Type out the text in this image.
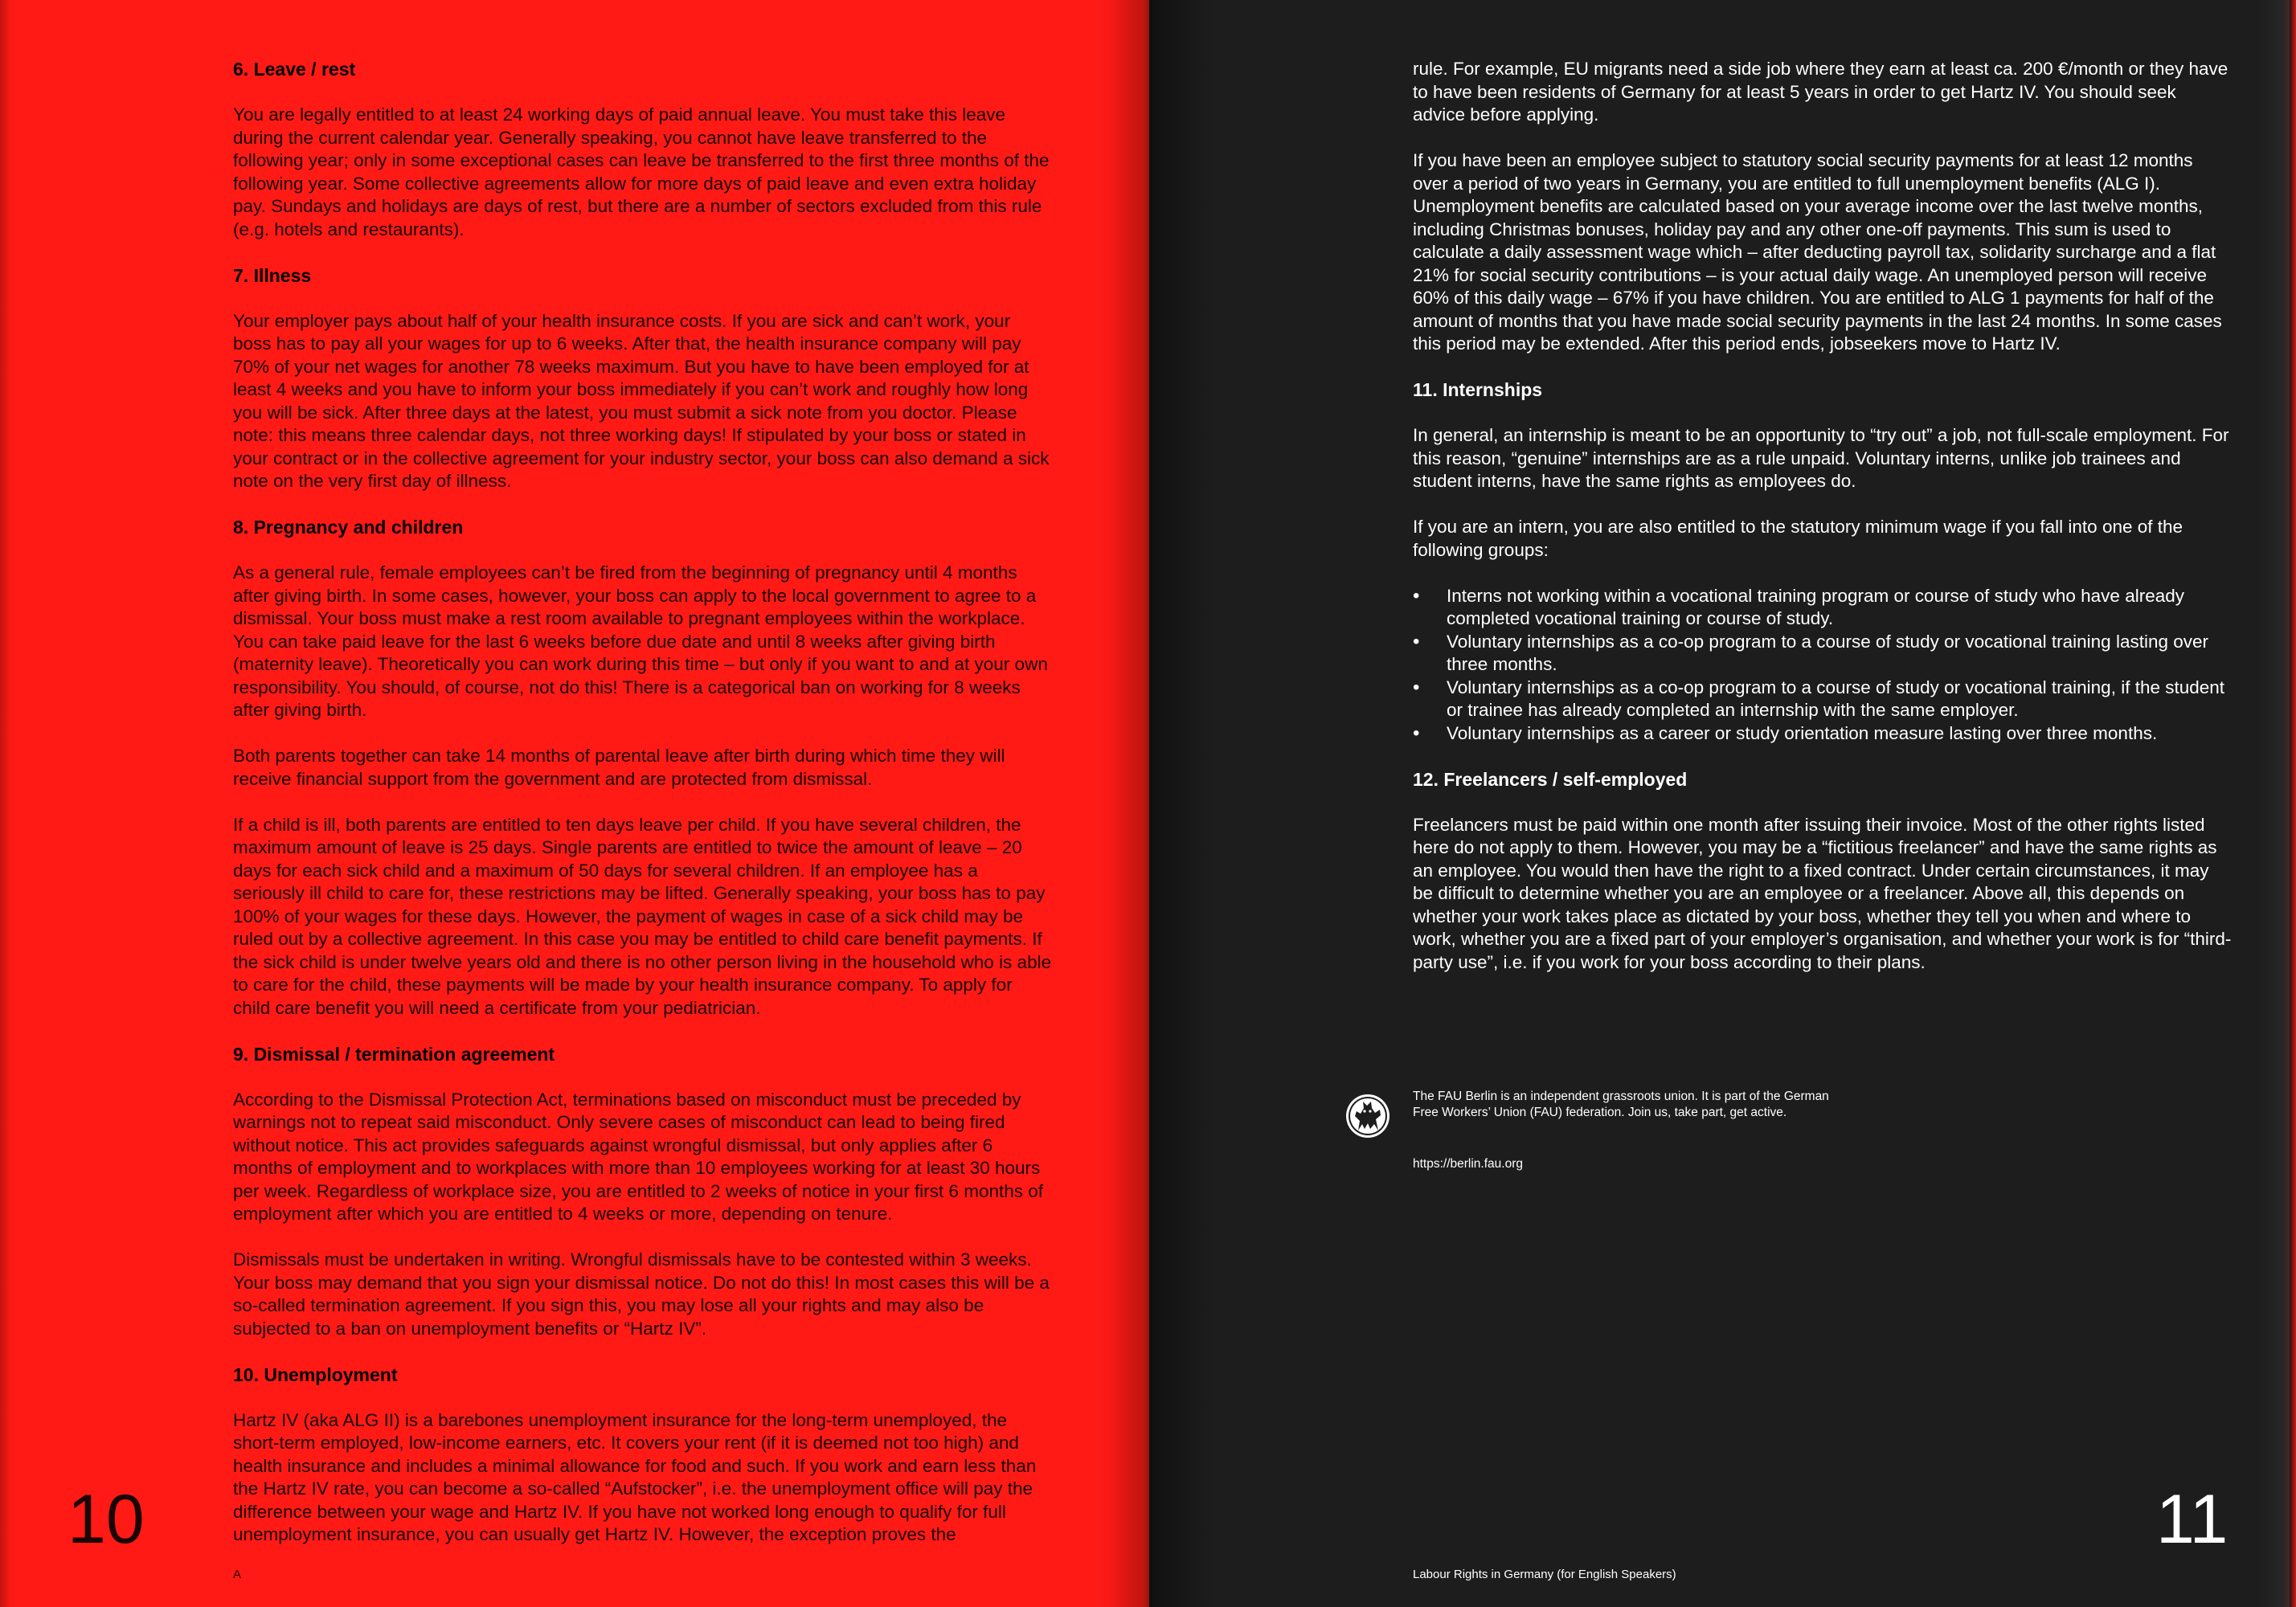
6. Leave / rest

You are legally entitled to at least 24 working days of paid annual leave. You must take this leave during the current calendar year. Generally speaking, you cannot have leave transferred to the following year; only in some exceptional cases can leave be transferred to the first three months of the following year. Some collective agreements allow for more days of paid leave and even extra holiday pay. Sundays and holidays are days of rest, but there are a number of sectors excluded from this rule (e.g. hotels and restaurants).

7. Illness

Your employer pays about half of your health insurance costs. If you are sick and can’t work, your boss has to pay all your wages for up to 6 weeks. After that, the health insurance company will pay 70% of your net wages for another 78 weeks maximum. But you have to have been employed for at least 4 weeks and you have to inform your boss immediately if you can’t work and roughly how long you will be sick. After three days at the latest, you must submit a sick note from you doctor. Please note: this means three calendar days, not three working days! If stipulated by your boss or stated in your contract or in the collective agreement for your industry sector, your boss can also demand a sick note on the very first day of illness.

8. Pregnancy and children

As a general rule, female employees can’t be fired from the beginning of pregnancy until 4 months after giving birth. In some cases, however, your boss can apply to the local government to agree to a dismissal. Your boss must make a rest room available to pregnant employees within the workplace. You can take paid leave for the last 6 weeks before due date and until 8 weeks after giving birth (maternity leave). Theoretically you can work during this time – but only if you want to and at your own responsibility. You should, of course, not do this! There is a categorical ban on working for 8 weeks after giving birth.

Both parents together can take 14 months of parental leave after birth during which time they will receive financial support from the government and are protected from dismissal.

If a child is ill, both parents are entitled to ten days leave per child. If you have several children, the maximum amount of leave is 25 days. Single parents are entitled to twice the amount of leave – 20 days for each sick child and a maximum of 50 days for several children. If an employee has a seriously ill child to care for, these restrictions may be lifted. Generally speaking, your boss has to pay 100% of your wages for these days. However, the payment of wages in case of a sick child may be ruled out by a collective agreement. In this case you may be entitled to child care benefit payments. If the sick child is under twelve years old and there is no other person living in the household who is able to care for the child, these payments will be made by your health insurance company. To apply for child care benefit you will need a certificate from your pediatrician.

9. Dismissal / termination agreement

According to the Dismissal Protection Act, terminations based on misconduct must be preceded by warnings not to repeat said misconduct. Only severe cases of misconduct can lead to being fired without notice. This act provides safeguards against wrongful dismissal, but only applies after 6 months of employment and to workplaces with more than 10 employees working for at least 30 hours per week. Regardless of workplace size, you are entitled to 2 weeks of notice in your first 6 months of employment after which you are entitled to 4 weeks or more, depending on tenure.

Dismissals must be undertaken in writing. Wrongful dismissals have to be contested within 3 weeks. Your boss may demand that you sign your dismissal notice. Do not do this! In most cases this will be a so-called termination agreement. If you sign this, you may lose all your rights and may also be subjected to a ban on unemployment benefits or “Hartz IV”.

10. Unemployment

Hartz IV (aka ALG II) is a barebones unemployment insurance for the long-term unemployed, the short-term employed, low-income earners, etc. It covers your rent (if it is deemed not too high) and health insurance and includes a minimal allowance for food and such. If you work and earn less than the Hartz IV rate, you can become a so-called “Aufstocker”, i.e. the unemployment office will pay the difference between your wage and Hartz IV. If you have not worked long enough to qualify for full unemployment insurance, you can usually get Hartz IV. However, the exception proves the

10
A

rule. For example, EU migrants need a side job where they earn at least ca. 200 €/month or they have to have been residents of Germany for at least 5 years in order to get Hartz IV. You should seek advice before applying.

If you have been an employee subject to statutory social security payments for at least 12 months over a period of two years in Germany, you are entitled to full unemployment benefits (ALG I). Unemployment benefits are calculated based on your average income over the last twelve months, including Christmas bonuses, holiday pay and any other one-off payments. This sum is used to calculate a daily assessment wage which – after deducting payroll tax, solidarity surcharge and a flat 21% for social security contributions – is your actual daily wage. An unemployed person will receive 60% of this daily wage – 67% if you have children. You are entitled to ALG 1 payments for half of the amount of months that you have made social security payments in the last 24 months. In some cases this period may be extended. After this period ends, jobseekers move to Hartz IV.

11. Internships

In general, an internship is meant to be an opportunity to “try out” a job, not full-scale employment. For this reason, “genuine” internships are as a rule unpaid. Voluntary interns, unlike job trainees and student interns, have the same rights as employees do.

If you are an intern, you are also entitled to the statutory minimum wage if you fall into one of the following groups:

• Interns not working within a vocational training program or course of study who have already completed vocational training or course of study.
• Voluntary internships as a co-op program to a course of study or vocational training lasting over three months.
• Voluntary internships as a co-op program to a course of study or vocational training, if the student or trainee has already completed an internship with the same employer.
• Voluntary internships as a career or study orientation measure lasting over three months.
12. Freelancers / self-employed

Freelancers must be paid within one month after issuing their invoice. Most of the other rights listed here do not apply to them. However, you may be a “fictitious freelancer” and have the same rights as an employee. You would then have the right to a fixed contract. Under certain circumstances, it may be difficult to determine whether you are an employee or a freelancer. Above all, this depends on whether your work takes place as dictated by your boss, whether they tell you when and where to work, whether you are a fixed part of your employer’s organisation, and whether your work is for “third-party use”, i.e. if you work for your boss according to their plans.

The FAU Berlin is an independent grassroots union. It is part of the German Free Workers’ Union (FAU) federation. Join us, take part, get active.
https://berlin.fau.org
11
Labour Rights in Germany (for English Speakers)
